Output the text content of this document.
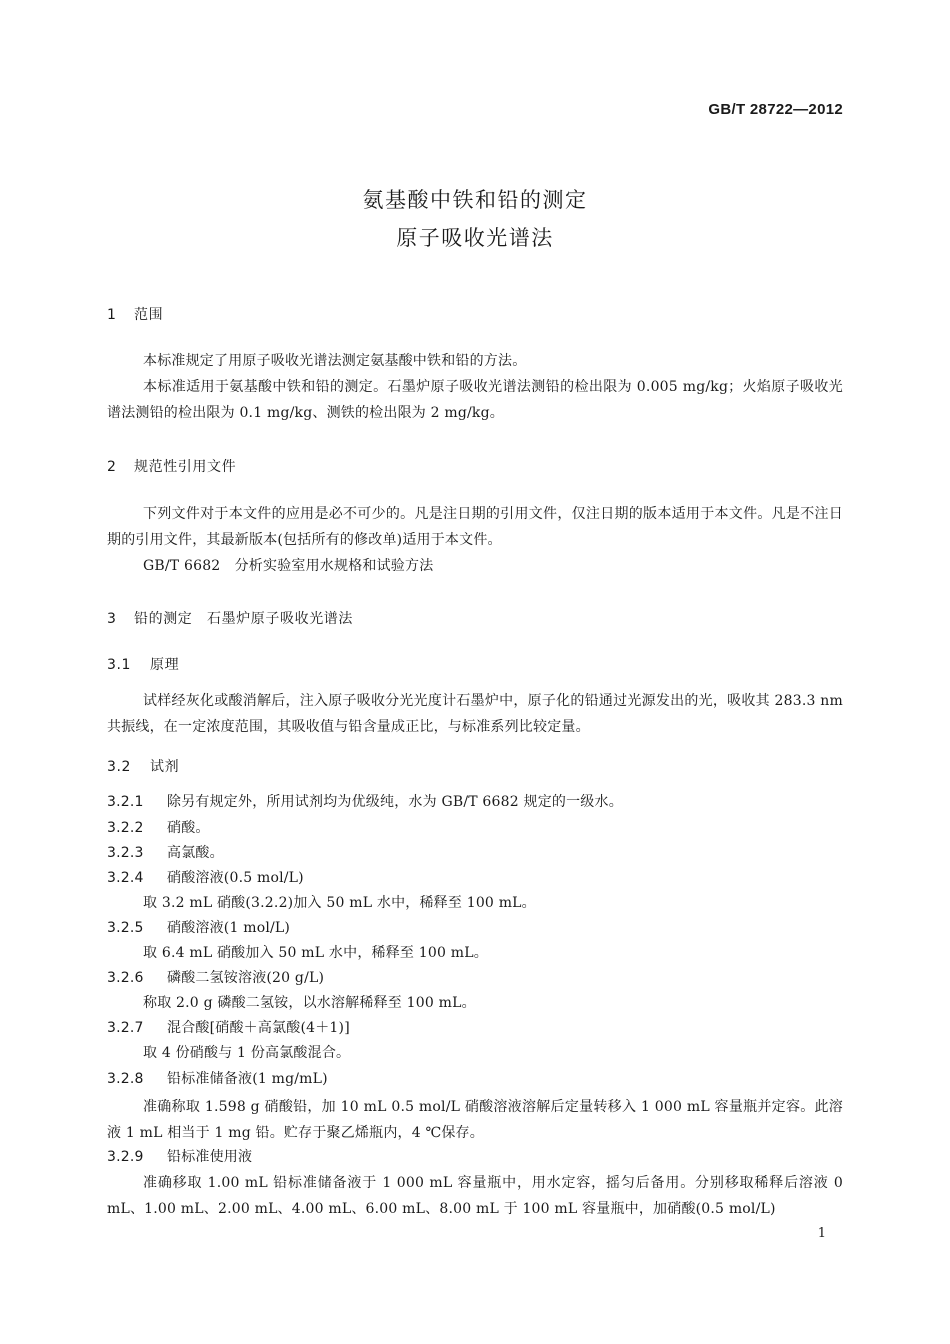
GB/T 28722—2012
氨基酸中铁和铅的测定
原子吸收光谱法
1 范围
本标准规定了用原子吸收光谱法测定氨基酸中铁和铅的方法。
本标准适用于氨基酸中铁和铅的测定。石墨炉原子吸收光谱法测铅的检出限为 0.005 mg/kg；火焰原子吸收光谱法测铅的检出限为 0.1 mg/kg、测铁的检出限为 2 mg/kg。
2 规范性引用文件
下列文件对于本文件的应用是必不可少的。凡是注日期的引用文件，仅注日期的版本适用于本文件。凡是不注日期的引用文件，其最新版本(包括所有的修改单)适用于本文件。
GB/T 6682　分析实验室用水规格和试验方法
3 铅的测定　石墨炉原子吸收光谱法
3.1 原理
试样经灰化或酸消解后，注入原子吸收分光光度计石墨炉中，原子化的铅通过光源发出的光，吸收其 283.3 nm 共振线，在一定浓度范围，其吸收值与铅含量成正比，与标准系列比较定量。
3.2 试剂
3.2.1 除另有规定外，所用试剂均为优级纯，水为 GB/T 6682 规定的一级水。
3.2.2 硝酸。
3.2.3 高氯酸。
3.2.4 硝酸溶液(0.5 mol/L)
取 3.2 mL 硝酸(3.2.2)加入 50 mL 水中，稀释至 100 mL。
3.2.5 硝酸溶液(1 mol/L)
取 6.4 mL 硝酸加入 50 mL 水中，稀释至 100 mL。
3.2.6 磷酸二氢铵溶液(20 g/L)
称取 2.0 g 磷酸二氢铵，以水溶解稀释至 100 mL。
3.2.7 混合酸[硝酸＋高氯酸(4＋1)]
取 4 份硝酸与 1 份高氯酸混合。
3.2.8 铅标准储备液(1 mg/mL)
准确称取 1.598 g 硝酸铅，加 10 mL 0.5 mol/L 硝酸溶液溶解后定量转移入 1 000 mL 容量瓶并定容。此溶液 1 mL 相当于 1 mg 铅。贮存于聚乙烯瓶内，4 ℃保存。
3.2.9 铅标准使用液
准确移取 1.00 mL 铅标准储备液于 1 000 mL 容量瓶中，用水定容，摇匀后备用。分别移取稀释后溶液 0 mL、1.00 mL、2.00 mL、4.00 mL、6.00 mL、8.00 mL 于 100 mL 容量瓶中，加硝酸(0.5 mol/L)
1
